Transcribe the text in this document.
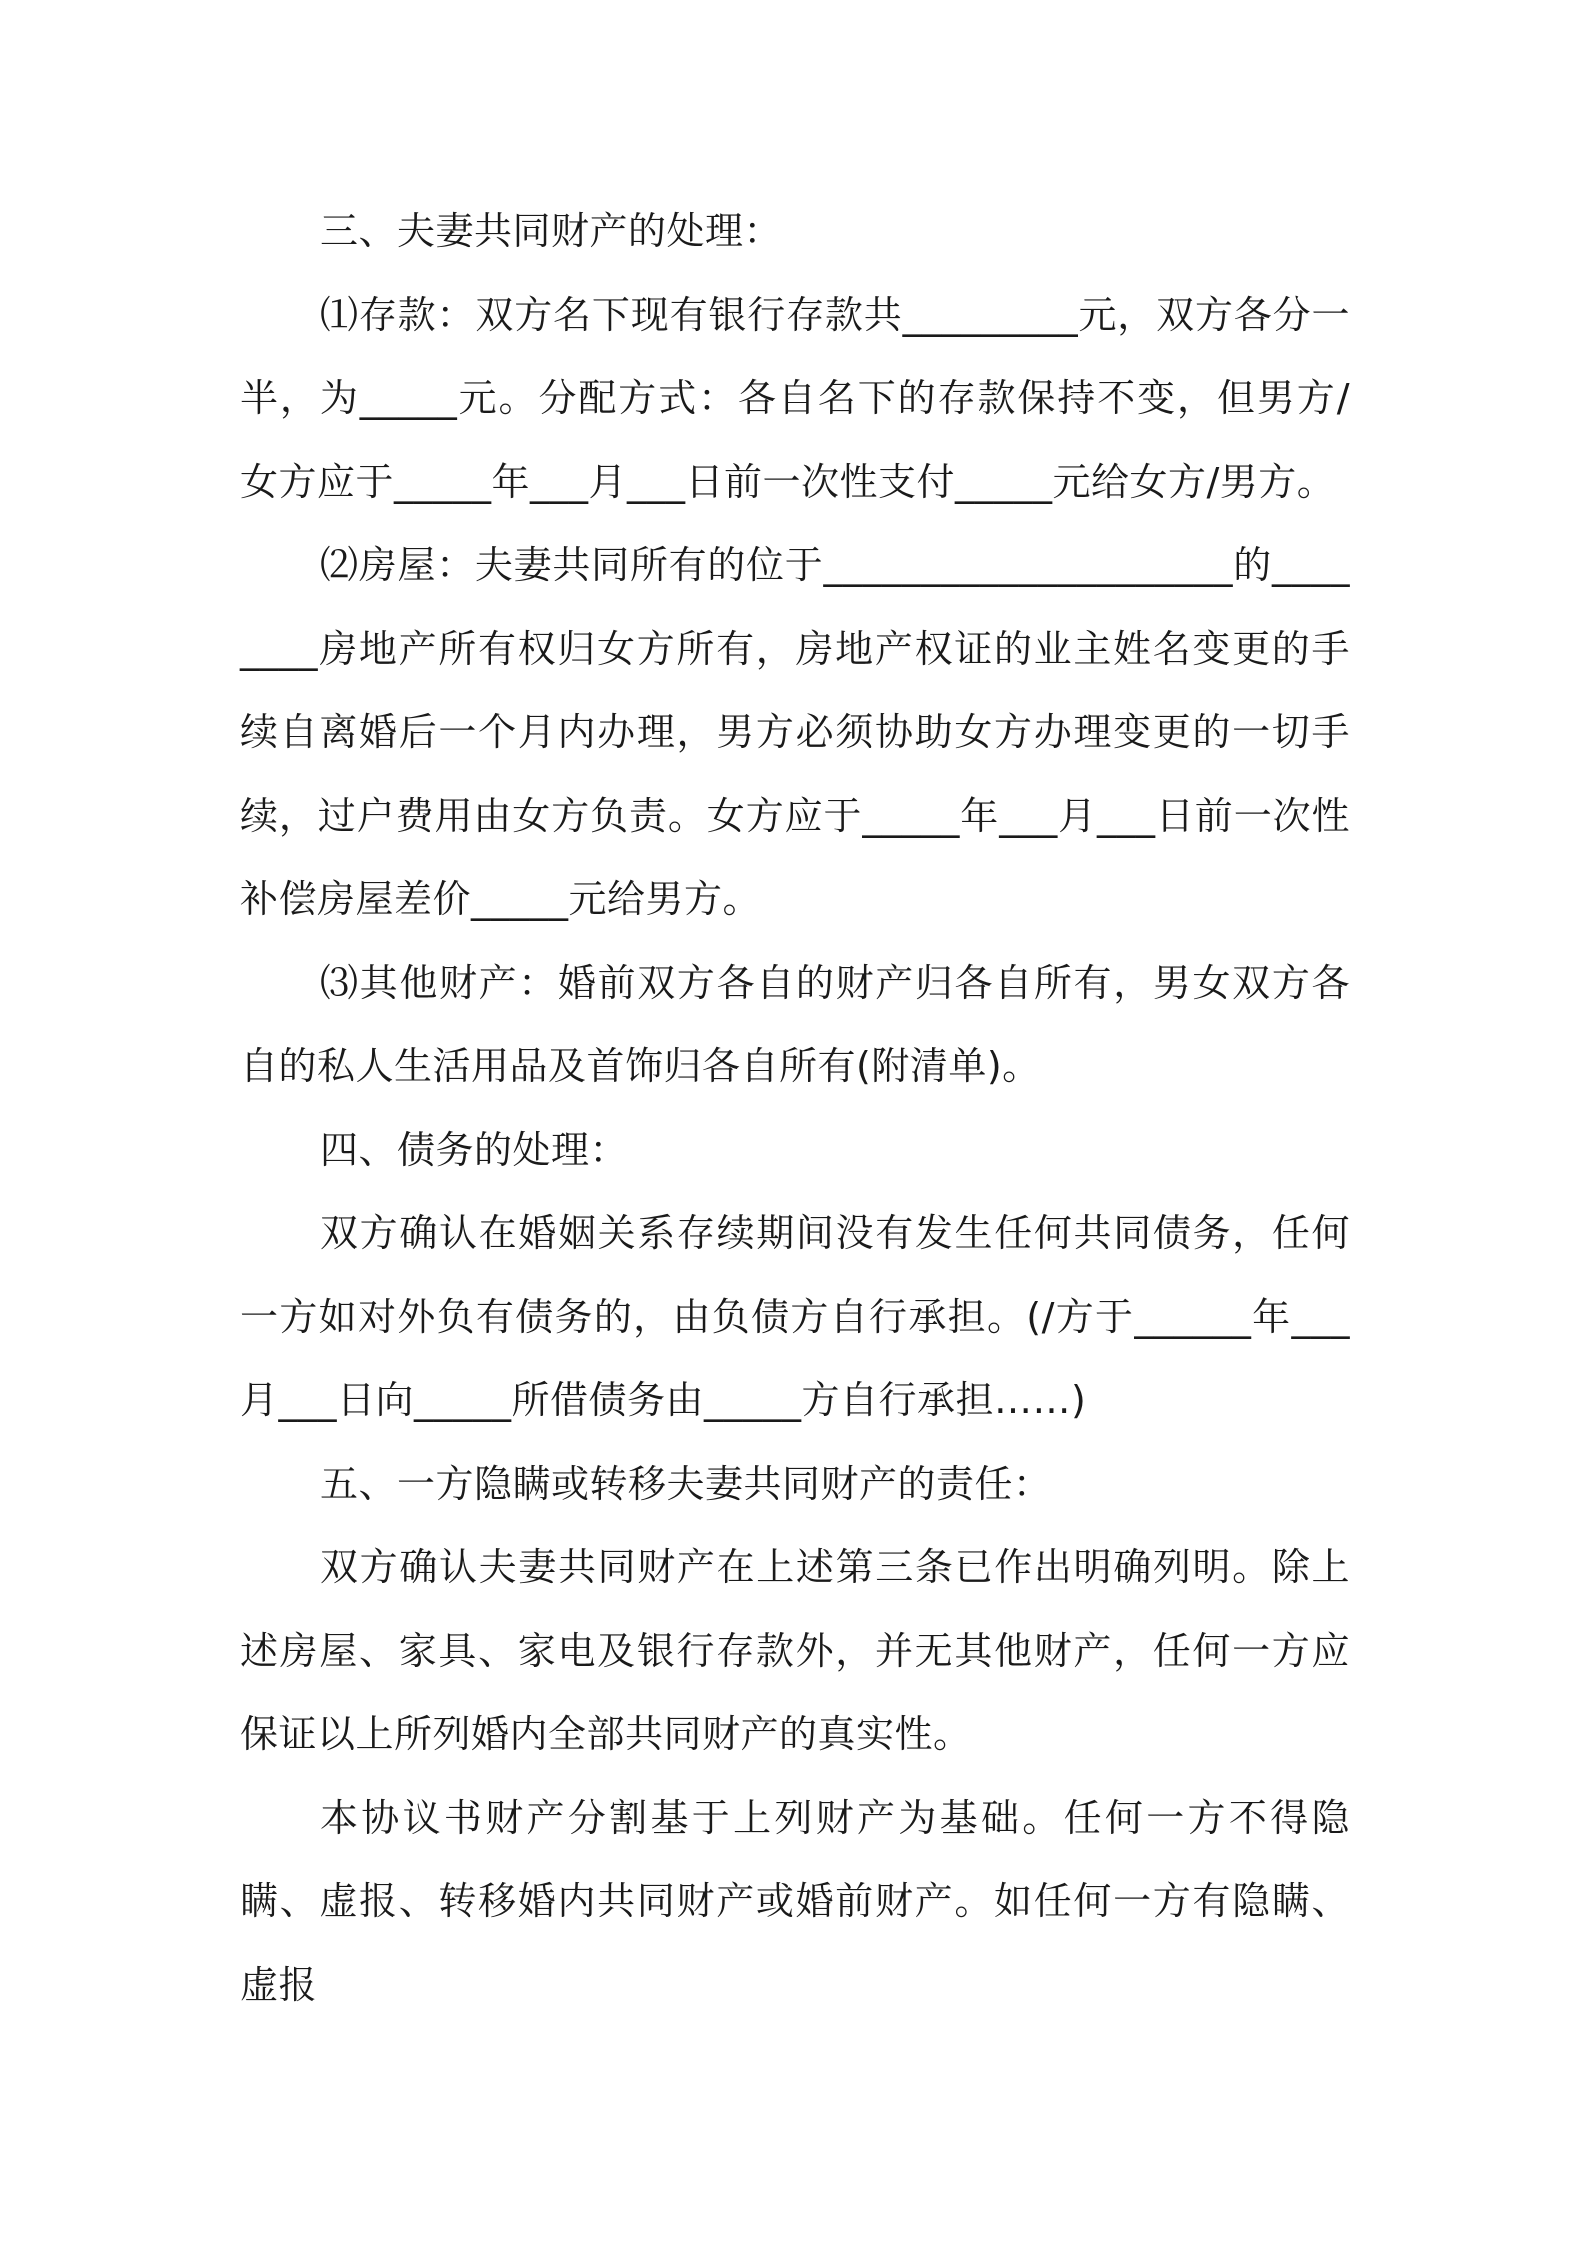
三、夫妻共同财产的处理：

⑴存款：双方名下现有银行存款共_________元，双方各分一半，为_____元。分配方式：各自名下的存款保持不变，但男方/女方应于_____年___月___日前一次性支付_____元给女方/男方。

⑵房屋：夫妻共同所有的位于_____________________的________房地产所有权归女方所有，房地产权证的业主姓名变更的手续自离婚后一个月内办理，男方必须协助女方办理变更的一切手续，过户费用由女方负责。女方应于_____年___月___日前一次性补偿房屋差价_____元给男方。

⑶其他财产：婚前双方各自的财产归各自所有，男女双方各自的私人生活用品及首饰归各自所有(附清单)。

四、债务的处理：

双方确认在婚姻关系存续期间没有发生任何共同债务，任何一方如对外负有债务的，由负债方自行承担。(/方于______年___月___日向_____所借债务由_____方自行承担……)

五、一方隐瞒或转移夫妻共同财产的责任：

双方确认夫妻共同财产在上述第三条已作出明确列明。除上述房屋、家具、家电及银行存款外，并无其他财产，任何一方应保证以上所列婚内全部共同财产的真实性。

本协议书财产分割基于上列财产为基础。任何一方不得隐瞒、虚报、转移婚内共同财产或婚前财产。如任何一方有隐瞒、虚报
